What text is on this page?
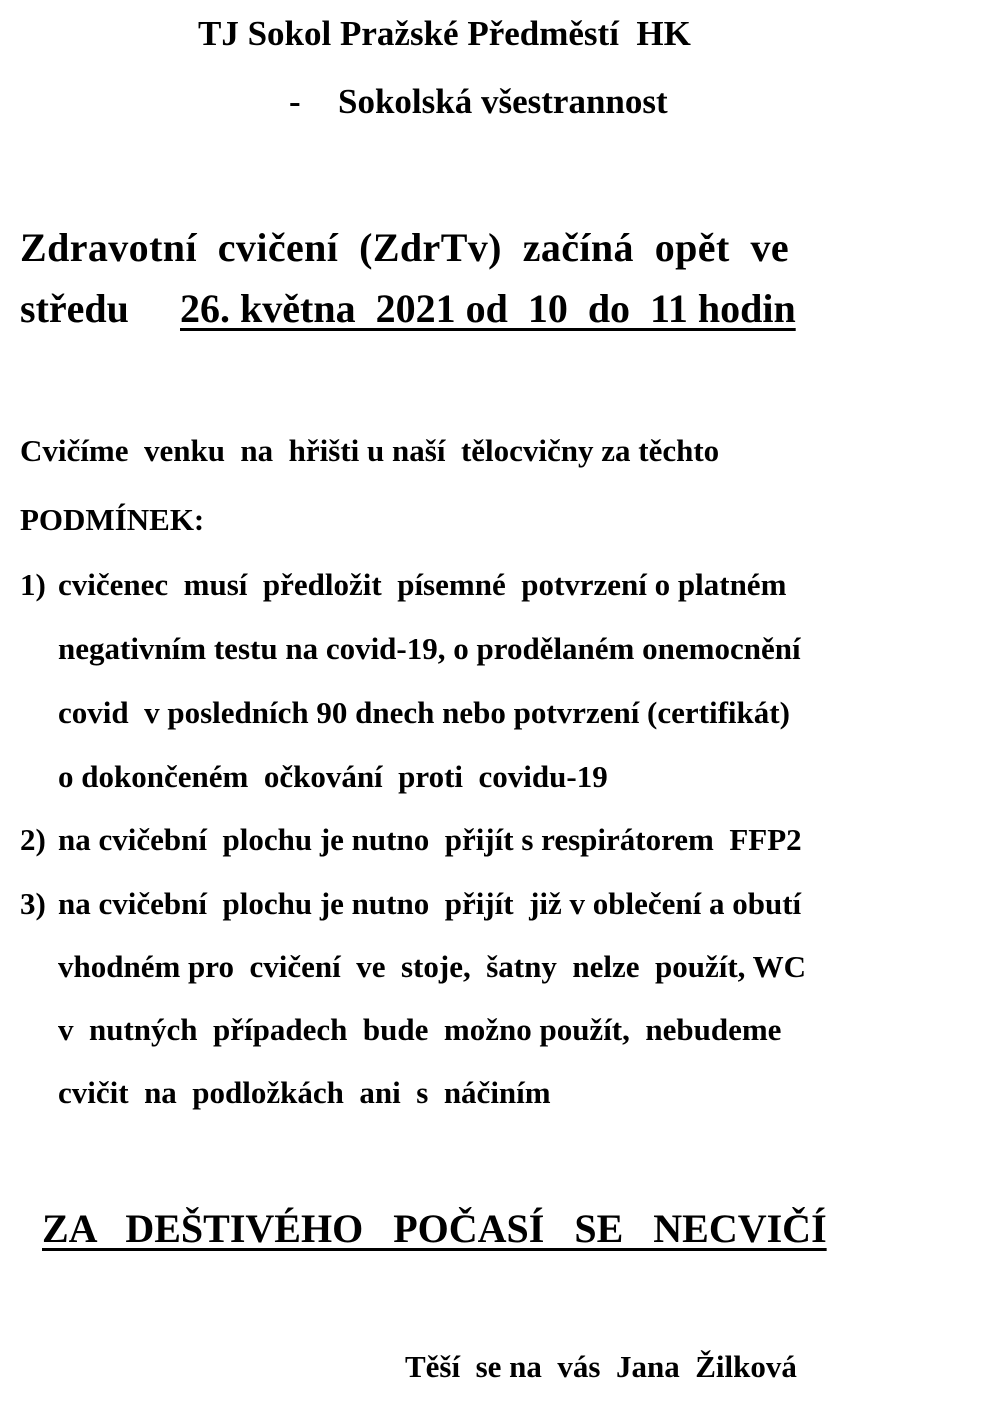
TJ Sokol Pražské Předměstí  HK
- Sokolská všestrannost
Zdravotní  cvičení  (ZdrTv)  začíná  opět  ve
středu 26. května  2021 od  10  do  11 hodin
Cvičíme  venku  na  hřišti u naší  tělocvičny za těchto
PODMÍNEK:
1) cvičenec  musí  předložit  písemné  potvrzení o platném
negativním testu na covid-19, o prodělaném onemocnění
covid  v posledních 90 dnech nebo potvrzení (certifikát)
o dokončeném  očkování  proti  covidu-19
2) na cvičební  plochu je nutno  přijít s respirátorem  FFP2
3) na cvičební  plochu je nutno  přijít  již v oblečení a obutí
vhodném pro  cvičení  ve  stoje,  šatny  nelze  použít, WC
v  nutných  případech  bude  možno použít,  nebudeme
cvičit  na  podložkách  ani  s  náčiním
ZA   DEŠTIVÉHO   POČASÍ   SE   NECVIČÍ
Těší  se na  vás  Jana  Žilková
